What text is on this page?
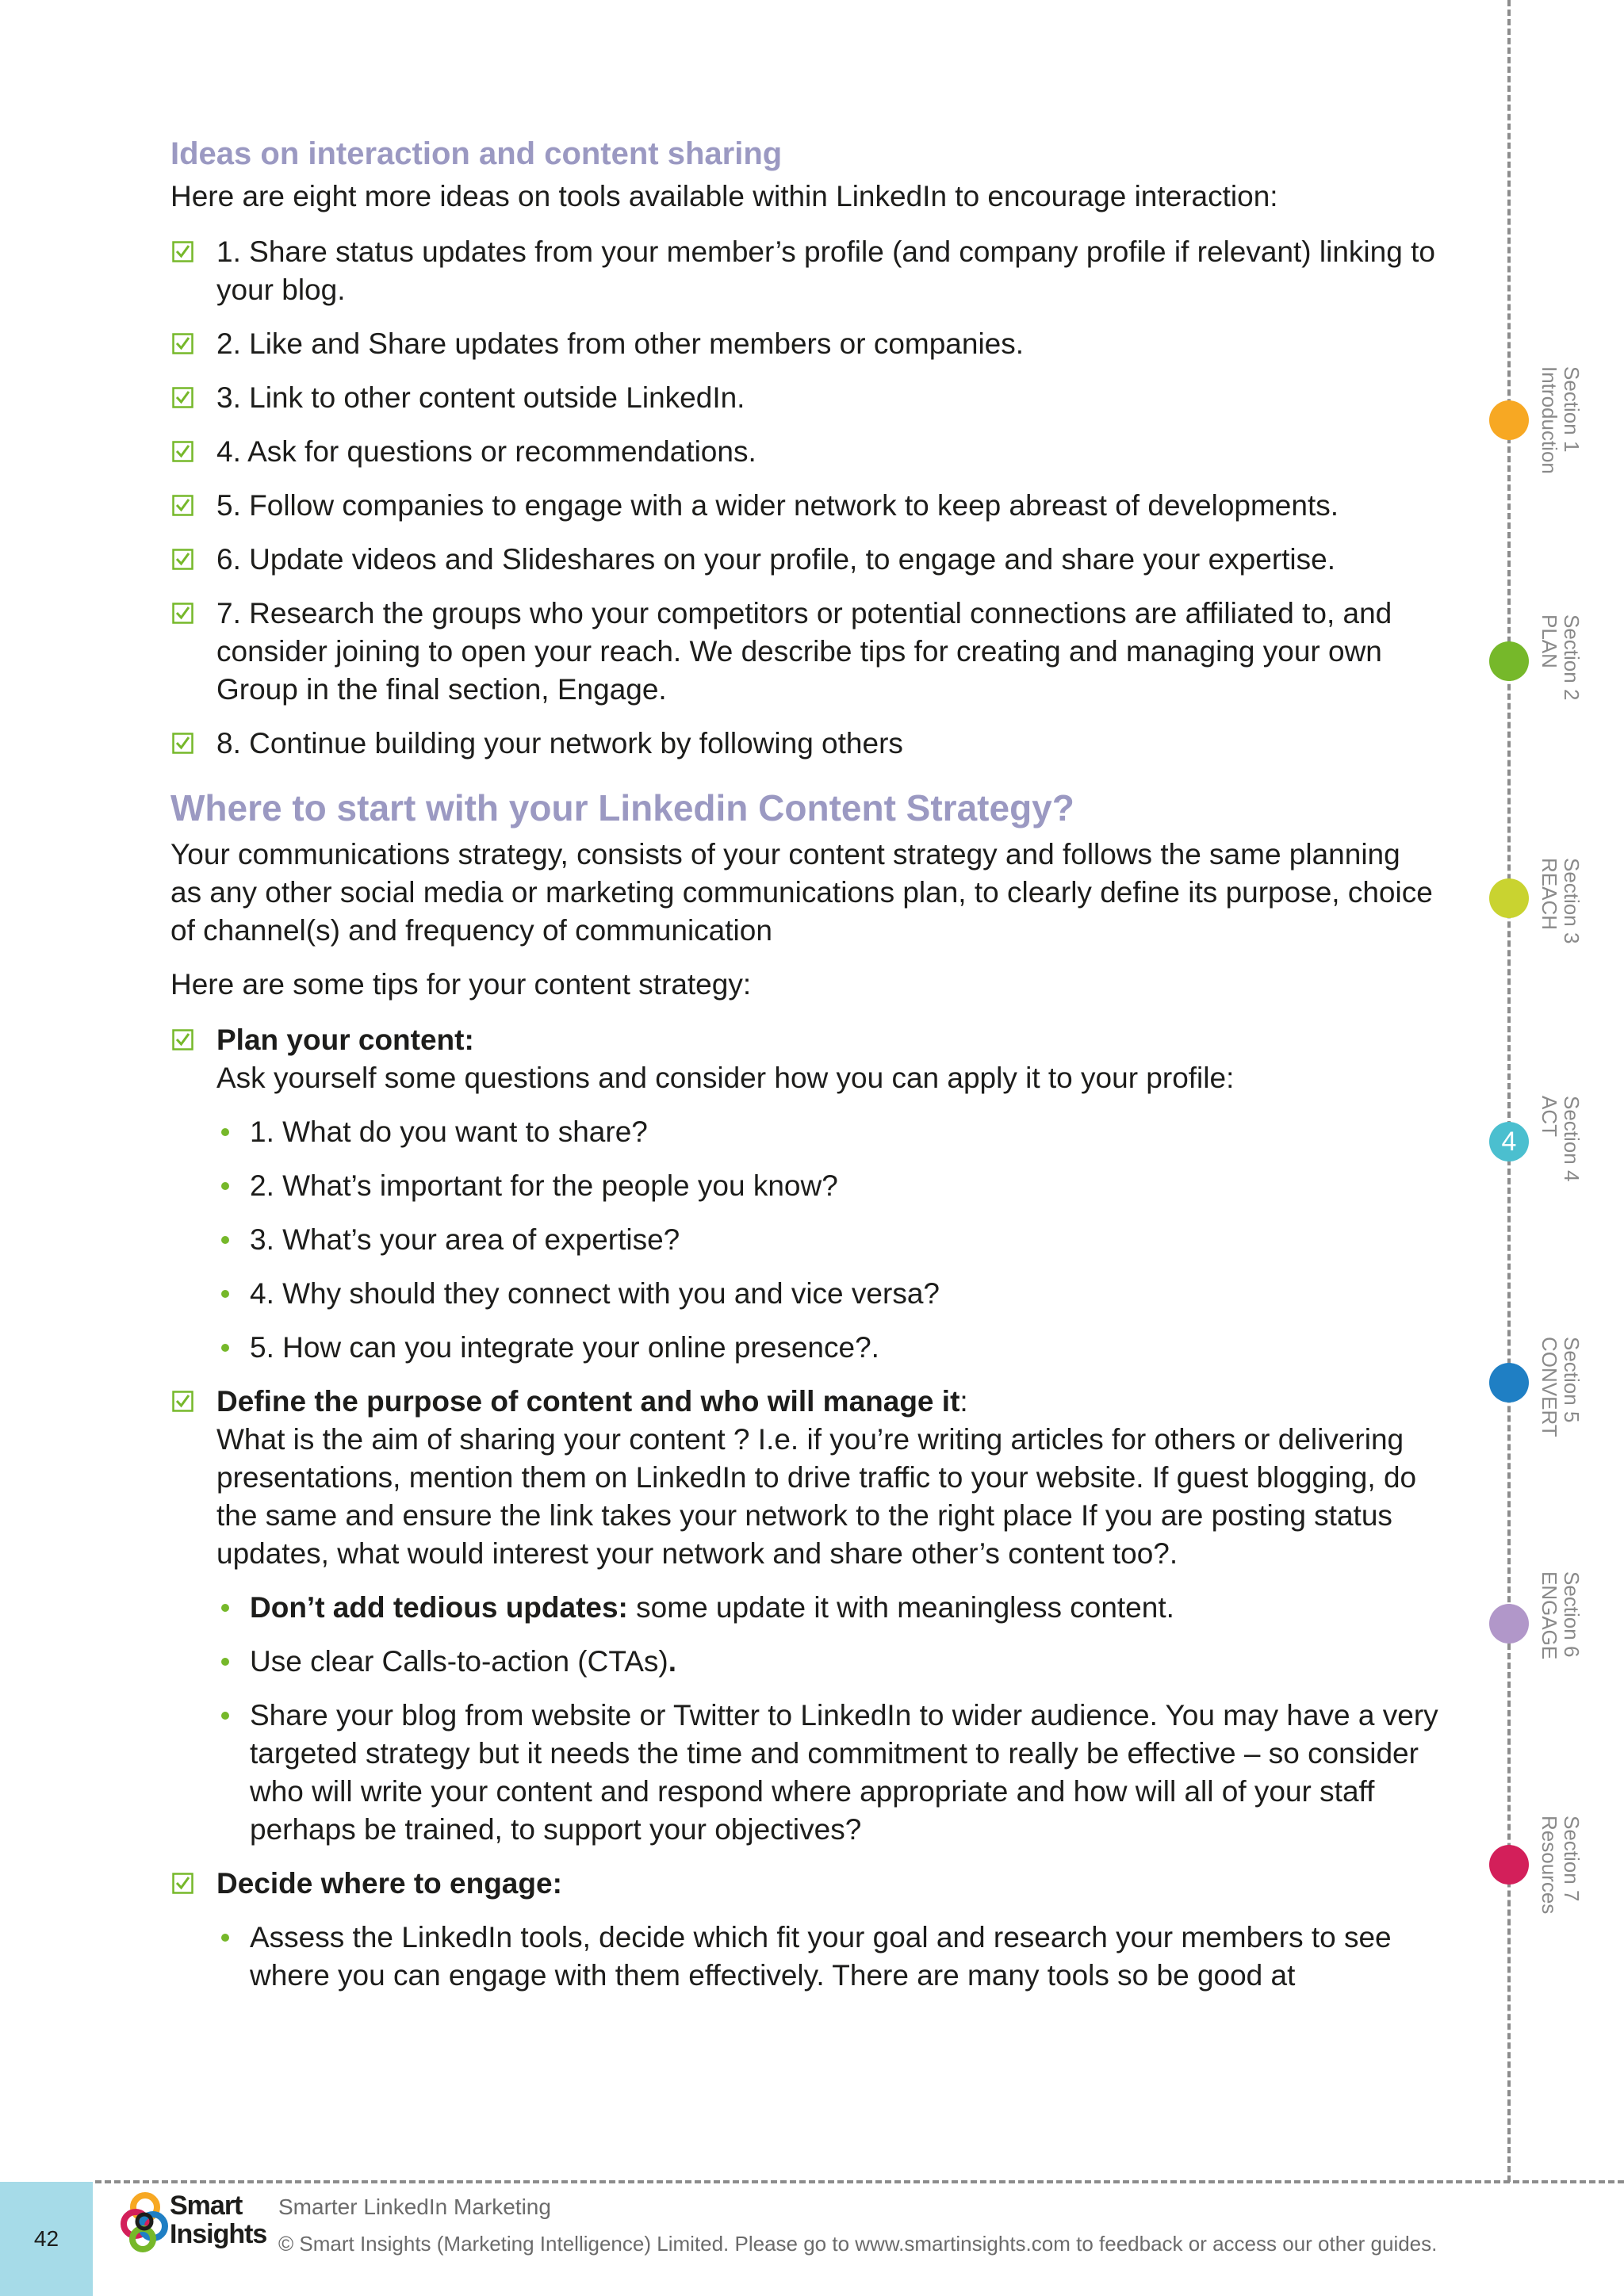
Ideas on interaction and content sharing

Here are eight more ideas on tools available within LinkedIn to encourage interaction:

1. Share status updates from your member’s profile (and company profile if relevant) linking to your blog.
2. Like and Share updates from other members or companies.
3. Link to other content outside LinkedIn.
4. Ask for questions or recommendations.
5. Follow companies to engage with a wider network to keep abreast of developments.
6. Update videos and Slideshares on your profile, to engage and share your expertise.
7. Research the groups who your competitors or potential connections are affiliated to, and consider joining to open your reach. We describe tips for creating and managing your own Group in the final section, Engage.
8. Continue building your network by following others
Where to start with your Linkedin Content Strategy?

Your communications strategy, consists of your content strategy and follows the same planning as any other social media or marketing communications plan, to clearly define its purpose, choice of channel(s) and frequency of communication

Here are some tips for your content strategy:

Plan your content:
Ask yourself some questions and consider how you can apply it to your profile:
1. What do you want to share?
2. What’s important for the people you know?
3. What’s your area of expertise?
4. Why should they connect with you and vice versa?
5. How can you integrate your online presence?.
Define the purpose of content and who will manage it:
What is the aim of sharing your content ? I.e. if you’re writing articles for others or delivering presentations, mention them on LinkedIn to drive traffic to your website. If guest blogging, do the same and ensure the link takes your network to the right place If you are posting status updates, what would interest your network and share other’s content too?.
Don’t add tedious updates: some update it with meaningless content.
Use clear Calls-to-action (CTAs).
Share your blog from website or Twitter to LinkedIn to wider audience. You may have a very targeted strategy but it needs the time and commitment to really be effective – so consider who will write your content and respond where appropriate and how will all of your staff perhaps be trained, to support your objectives?
Decide where to engage:
Assess the LinkedIn tools, decide which fit your goal and research your members to see where you can engage with them effectively. There are many tools so be good at
Section 1
Introduction
Section 2
PLAN
Section 3
REACH
4 Section 4
ACT
Section 5
CONVERT
Section 6
ENGAGE
Section 7
Resources
42
Smart
Insights
Smarter LinkedIn Marketing
© Smart Insights (Marketing Intelligence) Limited. Please go to www.smartinsights.com to feedback or access our other guides.
